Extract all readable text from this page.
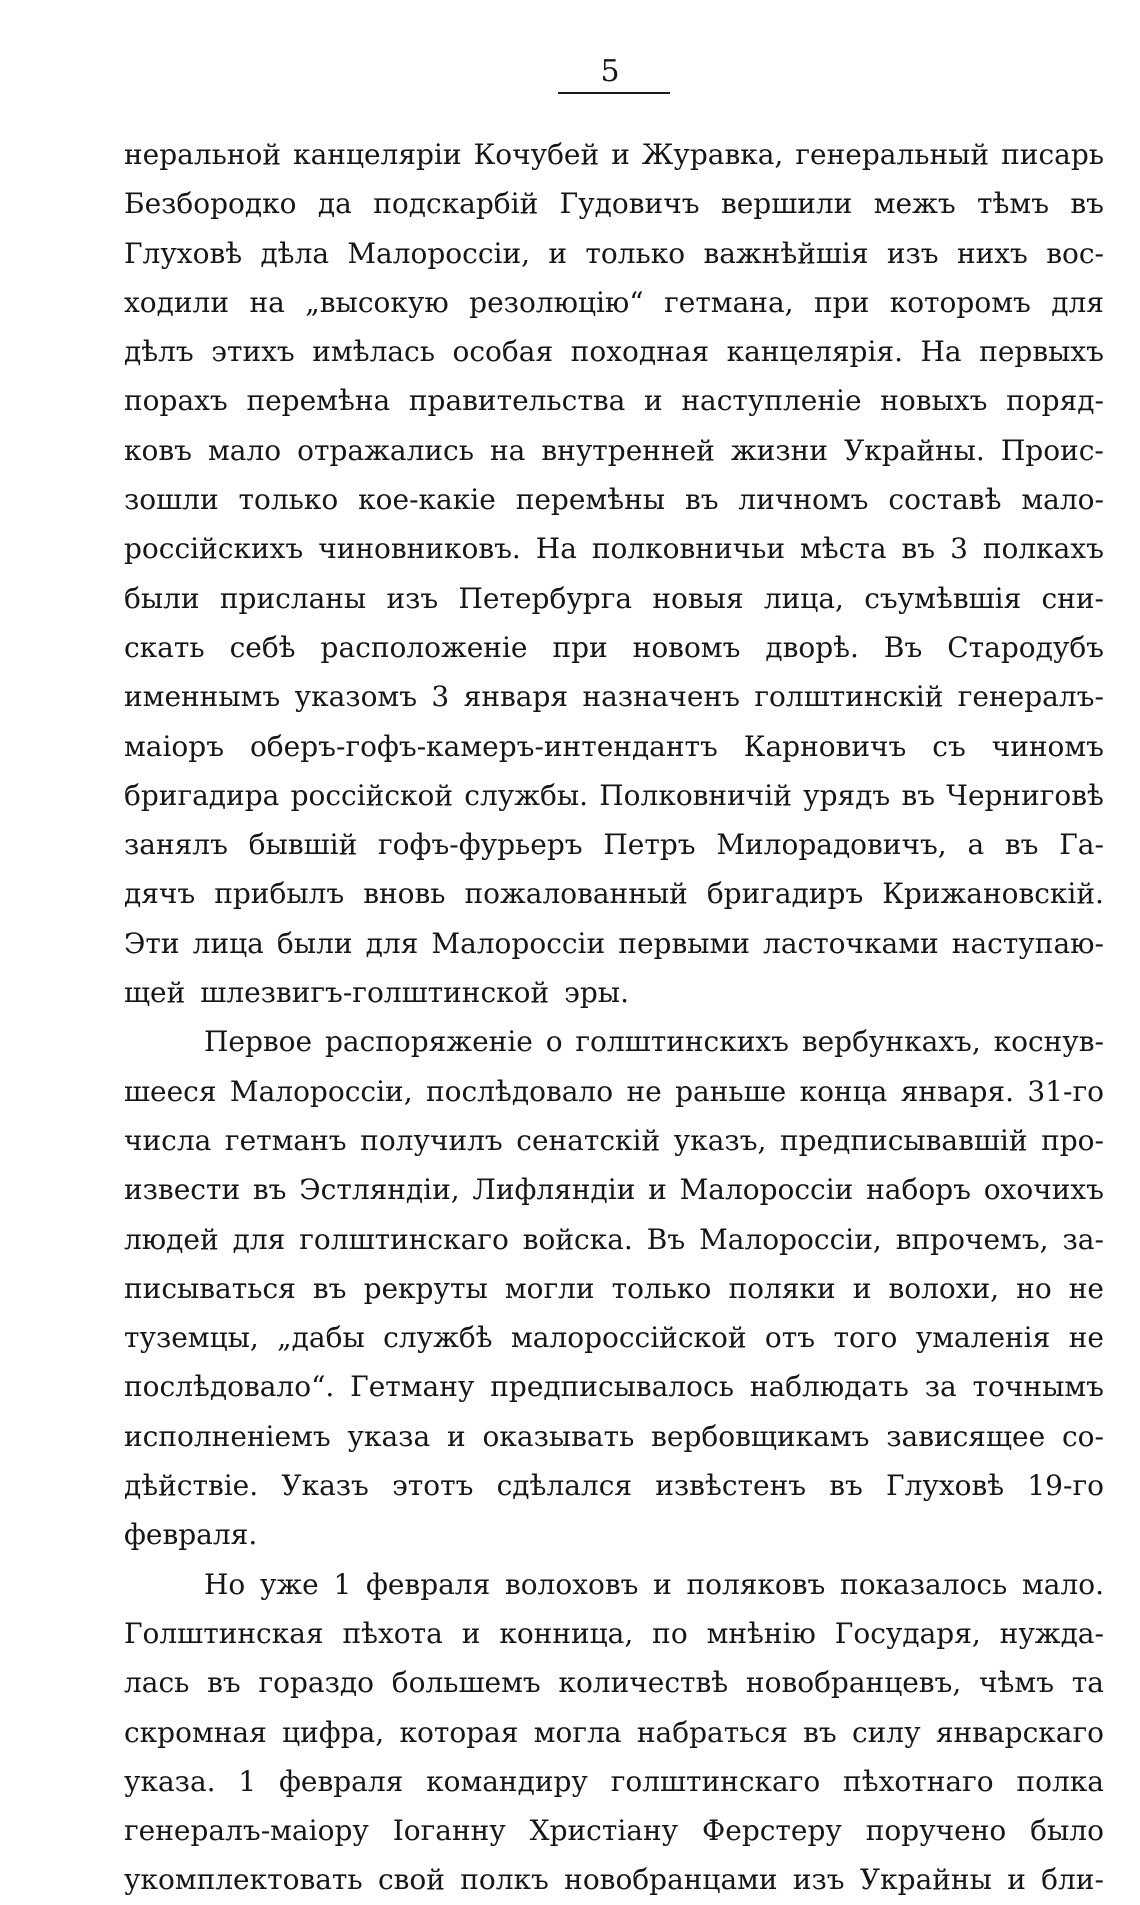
5
неральной канцеляріи Кочубей и Журавка, генеральный писарь
Безбородко да подскарбій Гудовичъ вершили межъ тѣмъ въ
Глуховѣ дѣла Малороссіи, и только важнѣйшія изъ нихъ вос-
ходили на „высокую резолюцію“ гетмана, при которомъ для
дѣлъ этихъ имѣлась особая походная канцелярія. На первыхъ
порахъ перемѣна правительства и наступленіе новыхъ поряд-
ковъ мало отражались на внутренней жизни Украйны. Проис-
зошли только кое-какіе перемѣны въ личномъ составѣ мало-
россійскихъ чиновниковъ. На полковничьи мѣста въ 3 полкахъ
были присланы изъ Петербурга новыя лица, съумѣвшія сни-
скать себѣ расположеніе при новомъ дворѣ. Въ Стародубъ
именнымъ указомъ 3 января назначенъ голштинскій генералъ-
маіоръ оберъ-гофъ-камеръ-интендантъ Карновичъ съ чиномъ
бригадира россійской службы. Полковничій урядъ въ Черниговѣ
занялъ бывшій гофъ-фурьеръ Петръ Милорадовичъ, а въ Га-
дячъ прибылъ вновь пожалованный бригадиръ Крижановскій.
Эти лица были для Малороссіи первыми ласточками наступаю-
щей шлезвигъ-голштинской эры.
Первое распоряженіе о голштинскихъ вербункахъ, коснув-
шееся Малороссіи, послѣдовало не раньше конца января. 31-го
числа гетманъ получилъ сенатскій указъ, предписывавшій про-
извести въ Эстляндіи, Лифляндіи и Малороссіи наборъ охочихъ
людей для голштинскаго войска. Въ Малороссіи, впрочемъ, за-
писываться въ рекруты могли только поляки и волохи, но не
туземцы, „дабы службѣ малороссійской отъ того умаленія не
послѣдовало“. Гетману предписывалось наблюдать за точнымъ
исполненіемъ указа и оказывать вербовщикамъ зависящее со-
дѣйствіе. Указъ этотъ сдѣлался извѣстенъ въ Глуховѣ 19-го
февраля.
Но уже 1 февраля волоховъ и поляковъ показалось мало.
Голштинская пѣхота и конница, по мнѣнію Государя, нужда-
лась въ гораздо большемъ количествѣ новобранцевъ, чѣмъ та
скромная цифра, которая могла набраться въ силу январскаго
указа. 1 февраля командиру голштинскаго пѣхотнаго полка
генералъ-маіору Іоганну Христіану Ферстеру поручено было
укомплектовать свой полкъ новобранцами изъ Украйны и бли-
